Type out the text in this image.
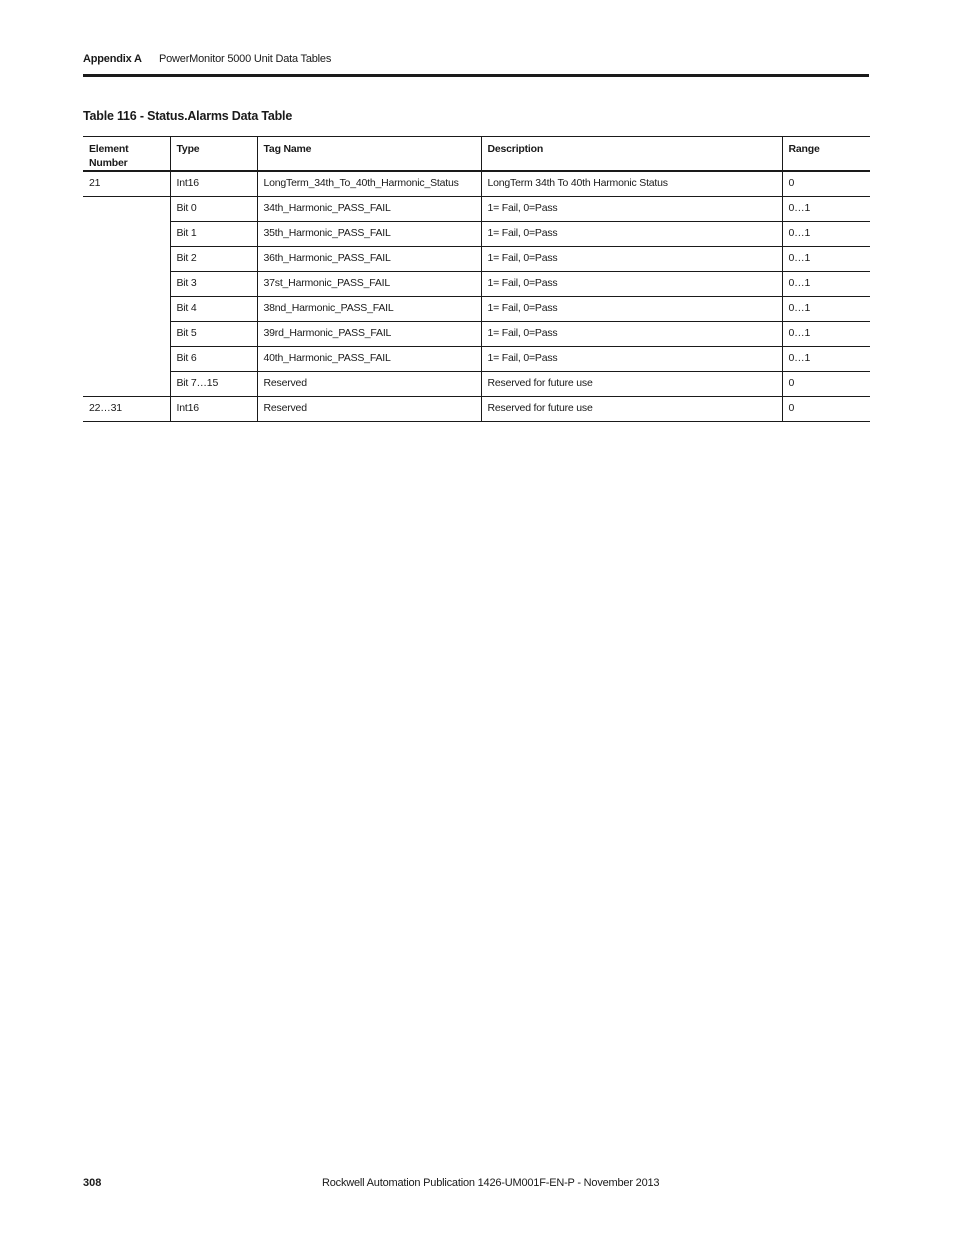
Appendix A PowerMonitor 5000 Unit Data Tables
Table 116 - Status.Alarms Data Table
Element Number	Type	Tag Name	Description	Range
21	Int16	LongTerm_34th_To_40th_Harmonic_Status	LongTerm 34th To 40th Harmonic Status	0
	Bit 0	34th_Harmonic_PASS_FAIL	1= Fail, 0=Pass	0…1
	Bit 1	35th_Harmonic_PASS_FAIL	1= Fail, 0=Pass	0…1
	Bit 2	36th_Harmonic_PASS_FAIL	1= Fail, 0=Pass	0…1
	Bit 3	37st_Harmonic_PASS_FAIL	1= Fail, 0=Pass	0…1
	Bit 4	38nd_Harmonic_PASS_FAIL	1= Fail, 0=Pass	0…1
	Bit 5	39rd_Harmonic_PASS_FAIL	1= Fail, 0=Pass	0…1
	Bit 6	40th_Harmonic_PASS_FAIL	1= Fail, 0=Pass	0…1
	Bit 7…15	Reserved	Reserved for future use	0
22…31	Int16	Reserved	Reserved for future use	0
308	Rockwell Automation Publication 1426-UM001F-EN-P - November 2013
